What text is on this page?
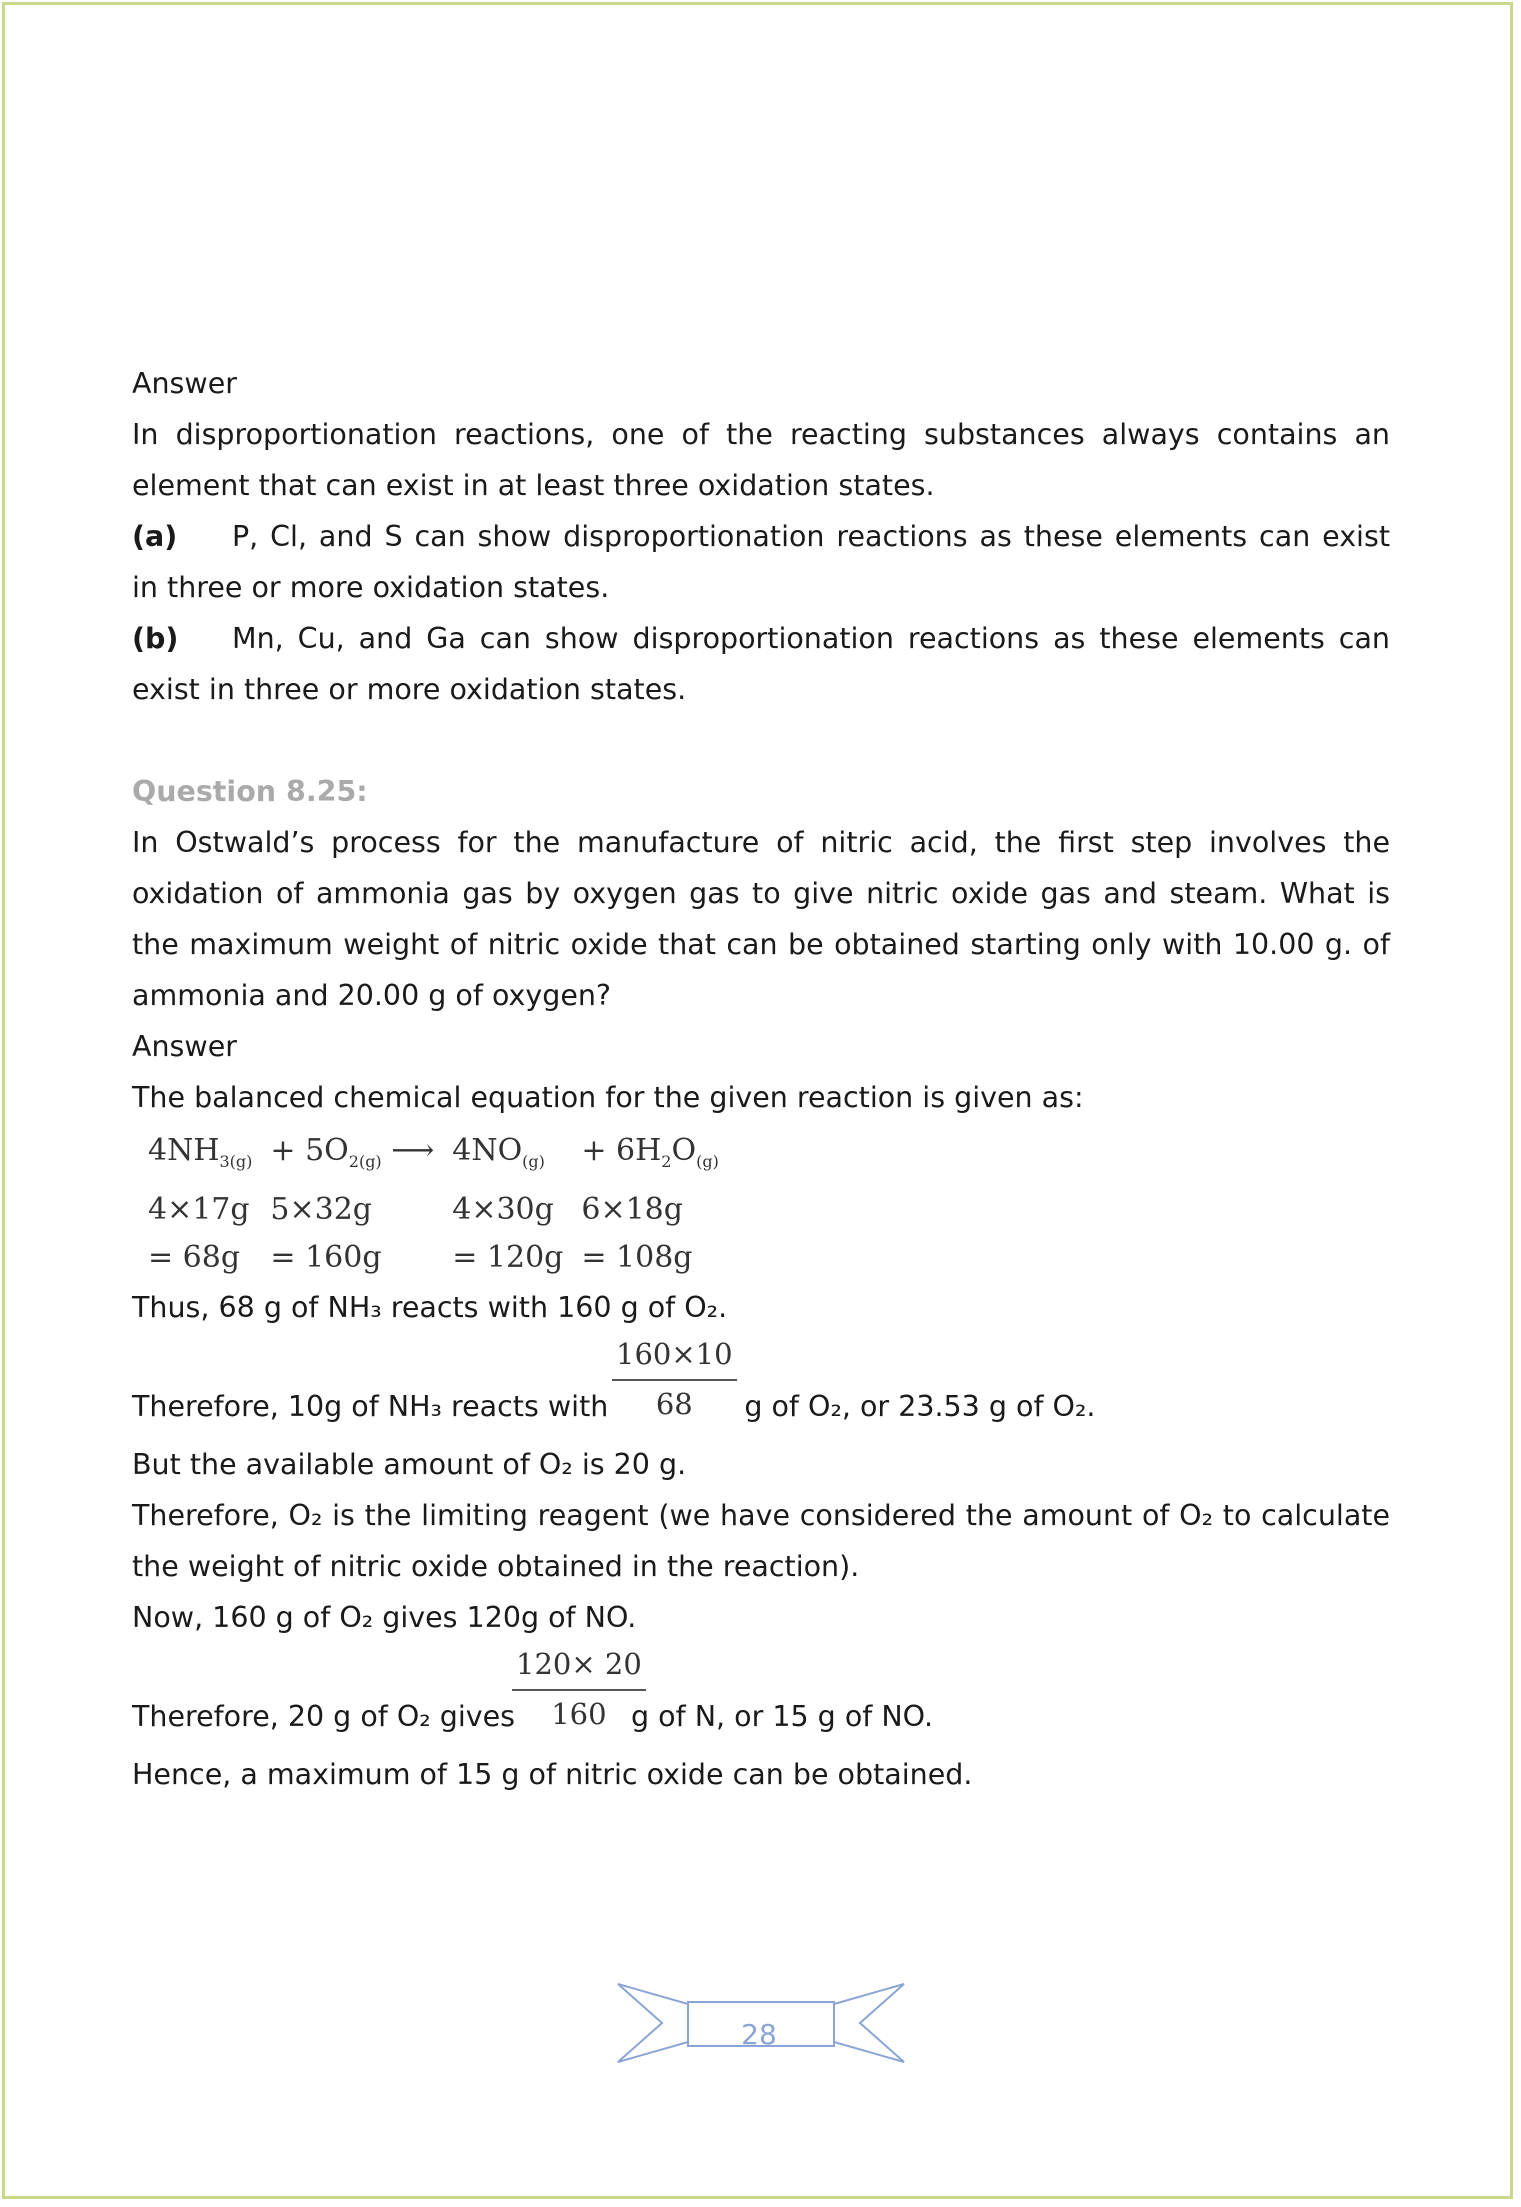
Answer

In disproportionation reactions, one of the reacting substances always contains an element that can exist in at least three oxidation states.

(a) P, Cl, and S can show disproportionation reactions as these elements can exist in three or more oxidation states.

(b) Mn, Cu, and Ga can show disproportionation reactions as these elements can exist in three or more oxidation states.

Question 8.25:

In Ostwald’s process for the manufacture of nitric acid, the first step involves the oxidation of ammonia gas by oxygen gas to give nitric oxide gas and steam. What is the maximum weight of nitric oxide that can be obtained starting only with 10.00 g. of ammonia and 20.00 g of oxygen?

Answer

The balanced chemical equation for the given reaction is given as:

$4NH_{3(g)}$	+ $5O_{2(g)}$ ⟶	$4NO_{(g)}$	+ $6H_2O_{(g)}$
4×17g	5×32g	4×30g	6×18g
= 68g	= 160g	= 120g	= 108g

Thus, 68 g of NH₃ reacts with 160 g of O₂.

Therefore, 10g of NH₃ reacts with	g of O₂, or 23.53 g of O₂.
$\frac{160\times 10}{68}$

But the available amount of O₂ is 20 g.

Therefore, O₂ is the limiting reagent (we have considered the amount of O₂ to calculate the weight of nitric oxide obtained in the reaction).

Now, 160 g of O₂ gives 120g of NO.

Therefore, 20 g of O₂ gives	g of N, or 15 g of NO.
$\frac{120\times 20}{160}$

Hence, a maximum of 15 g of nitric oxide can be obtained.

28
